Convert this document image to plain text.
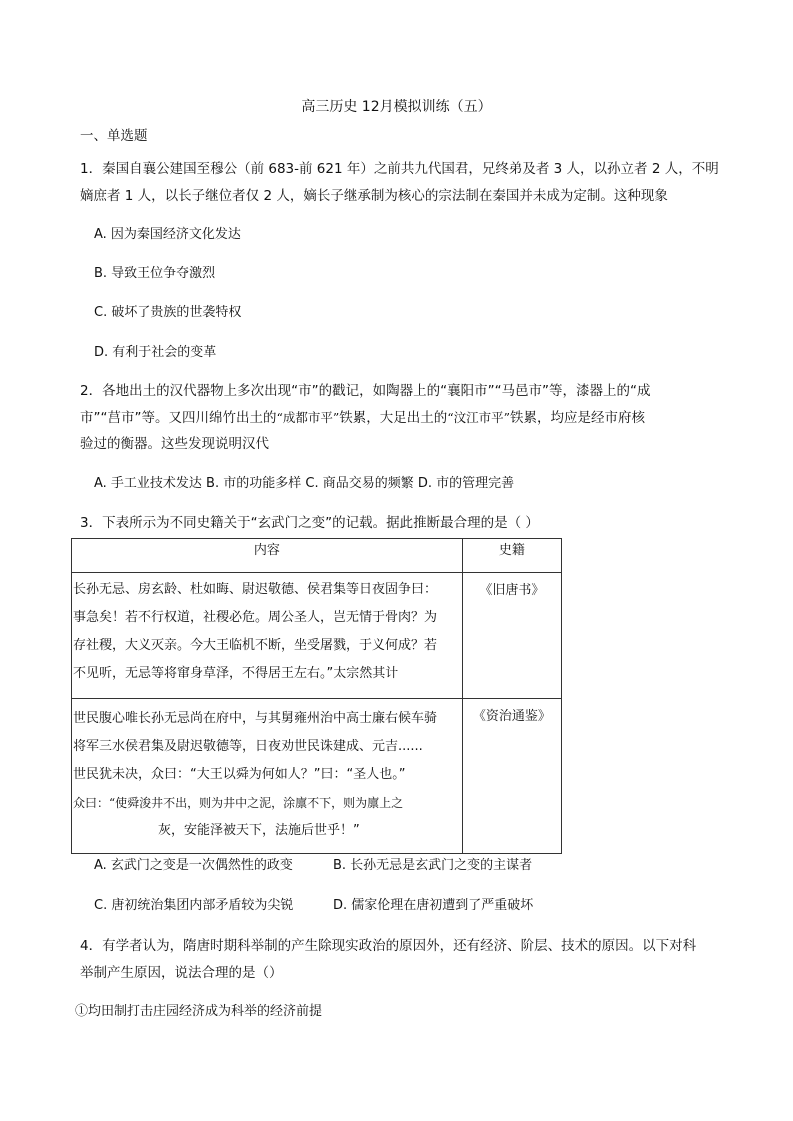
高三历史 12月模拟训练（五）
一、单选题
1．秦国自襄公建国至穆公（前 683-前 621 年）之前共九代国君，兄终弟及者 3 人，以孙立者 2 人，不明
嫡庶者 1 人，以长子继位者仅 2 人，嫡长子继承制为核心的宗法制在秦国并未成为定制。这种现象
A. 因为秦国经济文化发达
B. 导致王位争夺激烈
C. 破坏了贵族的世袭特权
D. 有利于社会的变革
2．各地出土的汉代器物上多次出现“市”的戳记，如陶器上的“襄阳市”“马邑市”等，漆器上的“成
市”“莒市”等。又四川绵竹出土的“成都市平”铁累，大足出土的“汶江市平”铁累，均应是经市府核
验过的衡器。这些发现说明汉代
A. 手工业技术发达 B. 市的功能多样 C. 商品交易的频繁 D. 市的管理完善
3．下表所示为不同史籍关于“玄武门之变”的记载。据此推断最合理的是（ ）
内容	史籍

长孙无忌、房玄龄、杜如晦、尉迟敬德、侯君集等日夜固争曰：
事急矣！若不行权道，社稷必危。周公圣人，岂无情于骨肉？为
存社稷，大义灭亲。今大王临机不断，坐受屠戮，于义何成？若
不见听，无忌等将窜身草泽，不得居王左右。”太宗然其计	《旧唐书》

世民腹心唯长孙无忌尚在府中，与其舅雍州治中高士廉右候车骑
将军三水侯君集及尉迟敬德等，日夜劝世民诛建成、元吉......
世民犹未决，众曰：“大王以舜为何如人？”曰：“圣人也。”
众曰：“使舜浚井不出，则为井中之泥，涂廪不下，则为廪上之
灰，安能泽被天下，法施后世乎！”	《资治通鉴》
A. 玄武门之变是一次偶然性的政变	B. 长孙无忌是玄武门之变的主谋者
C. 唐初统治集团内部矛盾较为尖锐	D. 儒家伦理在唐初遭到了严重破坏
4．有学者认为，隋唐时期科举制的产生除现实政治的原因外，还有经济、阶层、技术的原因。以下对科
举制产生原因，说法合理的是（）
①均田制打击庄园经济成为科举的经济前提
